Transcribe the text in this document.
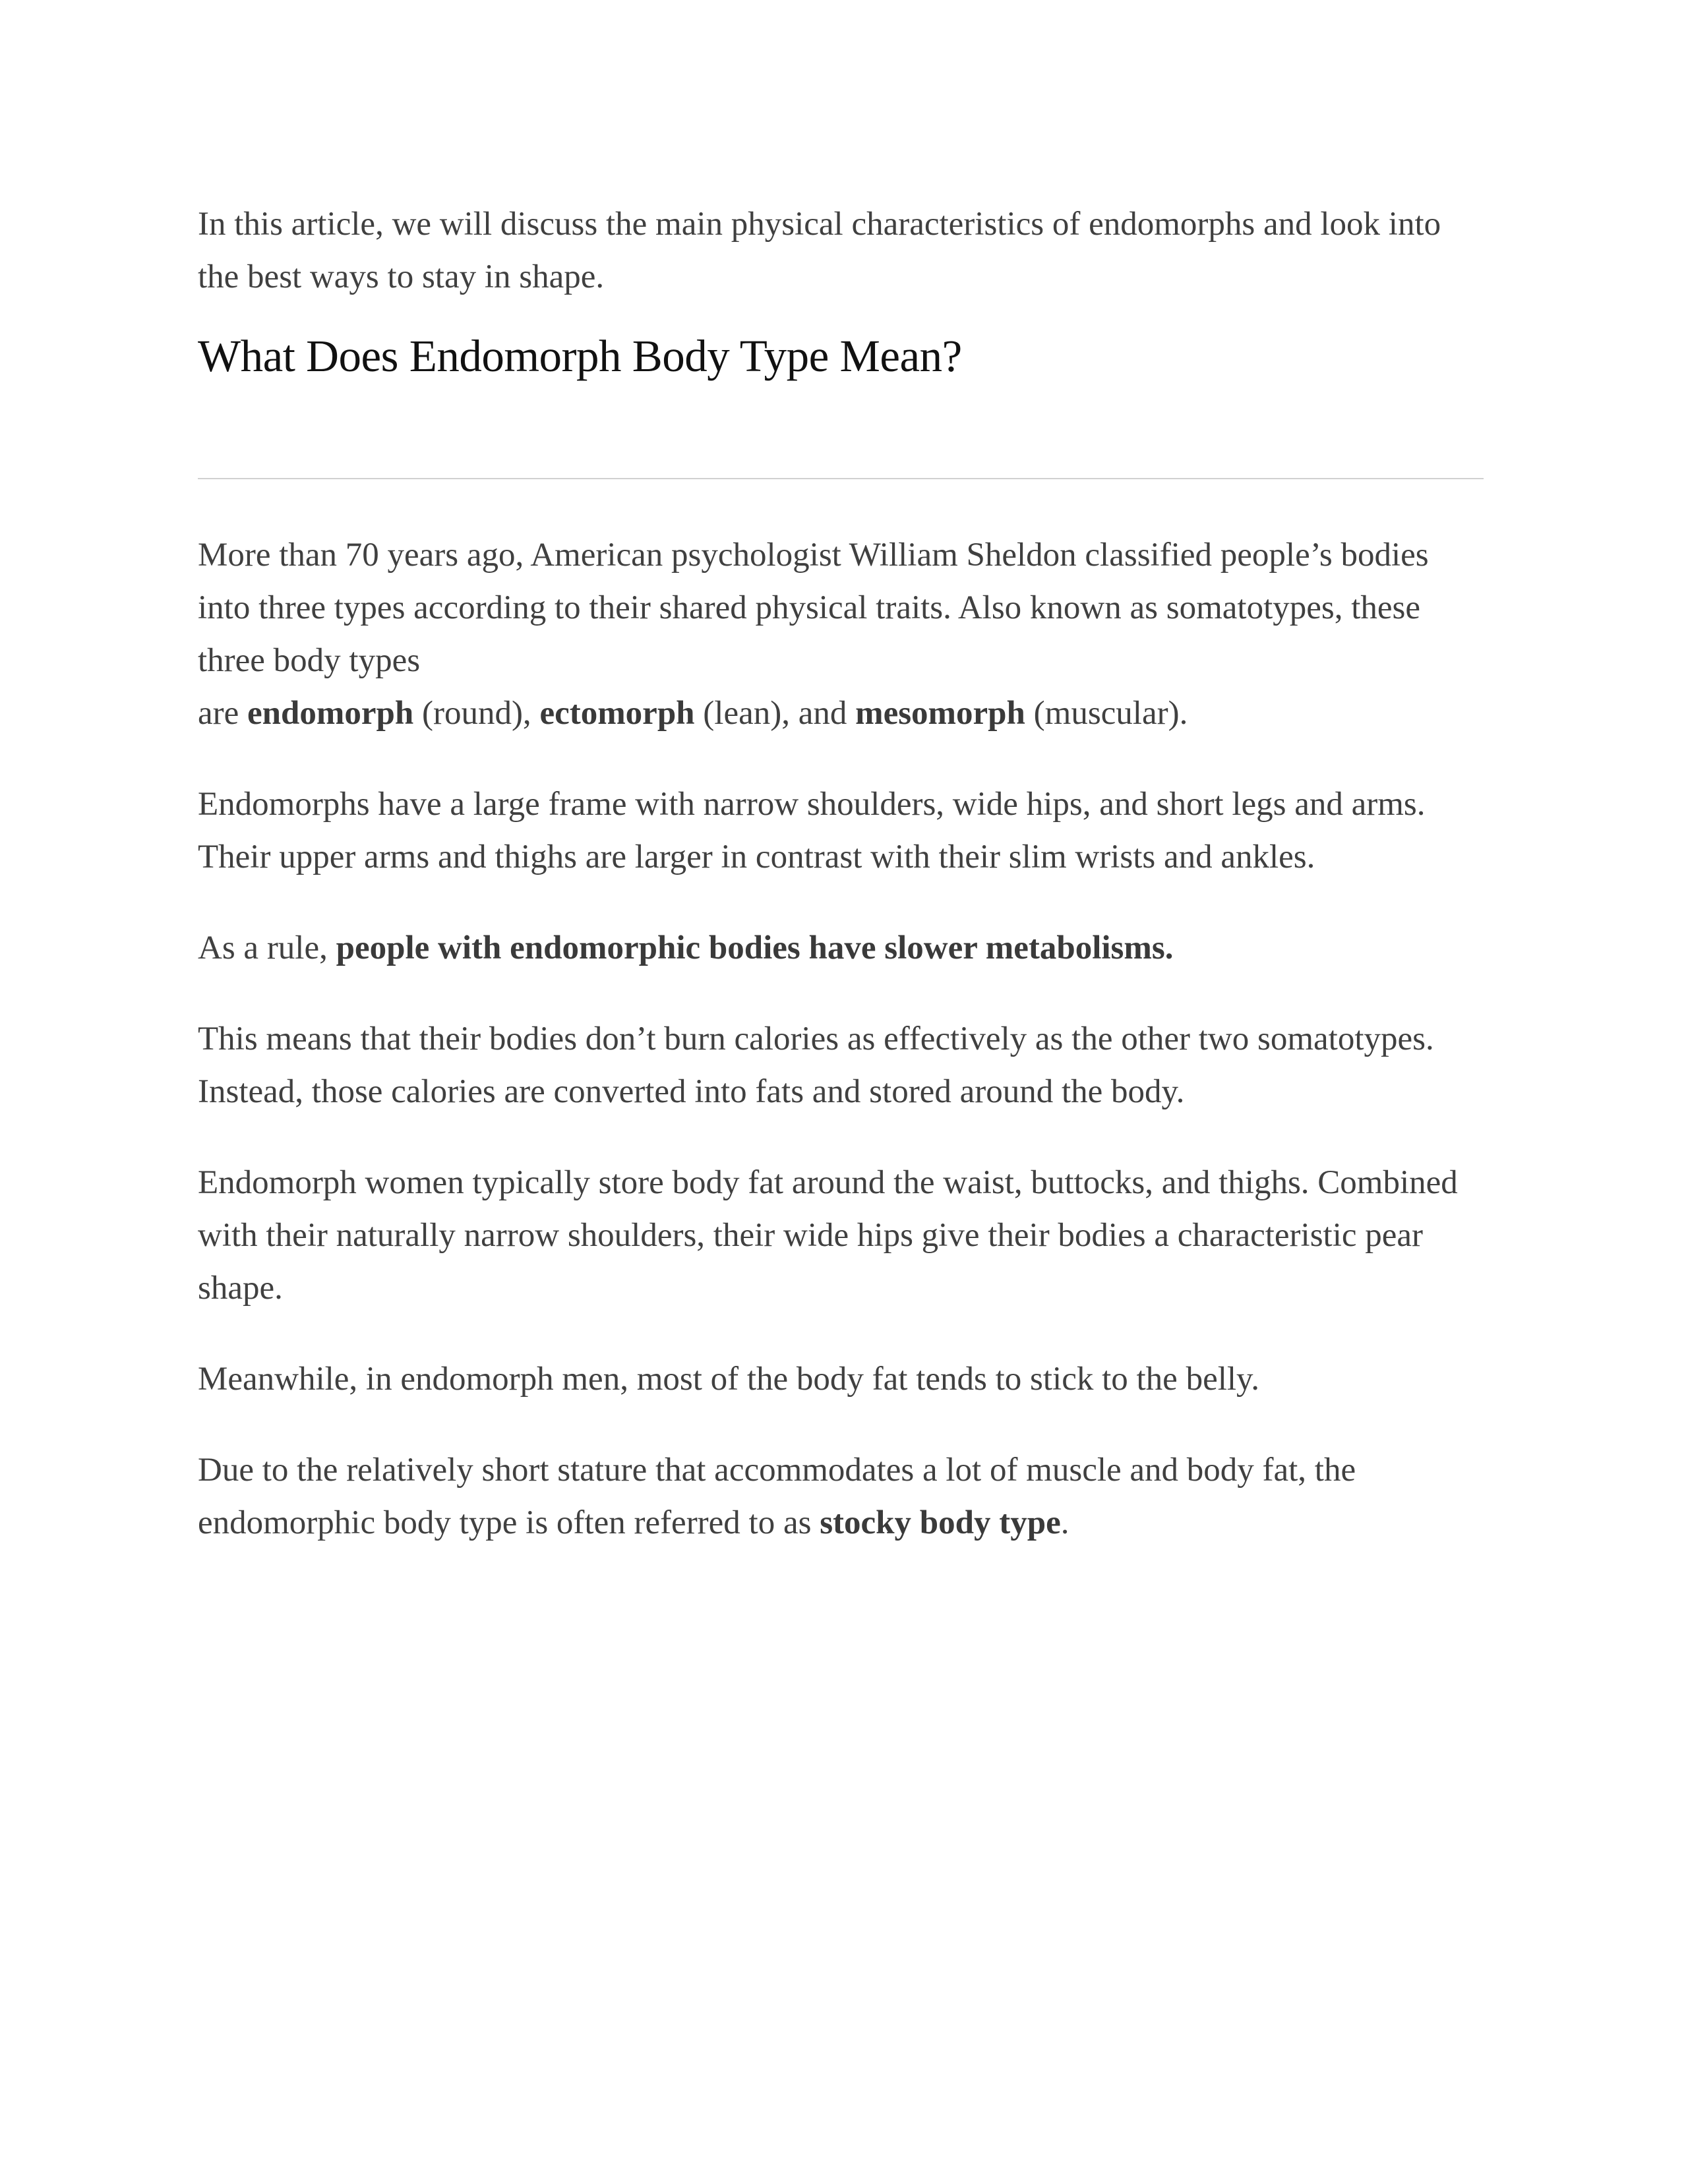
In this article, we will discuss the main physical characteristics of endomorphs and look into the best ways to stay in shape.

What Does Endomorph Body Type Mean?

More than 70 years ago, American psychologist William Sheldon classified people’s bodies into three types according to their shared physical traits. Also known as somatotypes, these three body types
are endomorph (round), ectomorph (lean), and mesomorph (muscular).

Endomorphs have a large frame with narrow shoulders, wide hips, and short legs and arms. Their upper arms and thighs are larger in contrast with their slim wrists and ankles.

As a rule, people with endomorphic bodies have slower metabolisms.

This means that their bodies don’t burn calories as effectively as the other two somatotypes. Instead, those calories are converted into fats and stored around the body.

Endomorph women typically store body fat around the waist, buttocks, and thighs. Combined with their naturally narrow shoulders, their wide hips give their bodies a characteristic pear shape.

Meanwhile, in endomorph men, most of the body fat tends to stick to the belly.

Due to the relatively short stature that accommodates a lot of muscle and body fat, the endomorphic body type is often referred to as stocky body type.
